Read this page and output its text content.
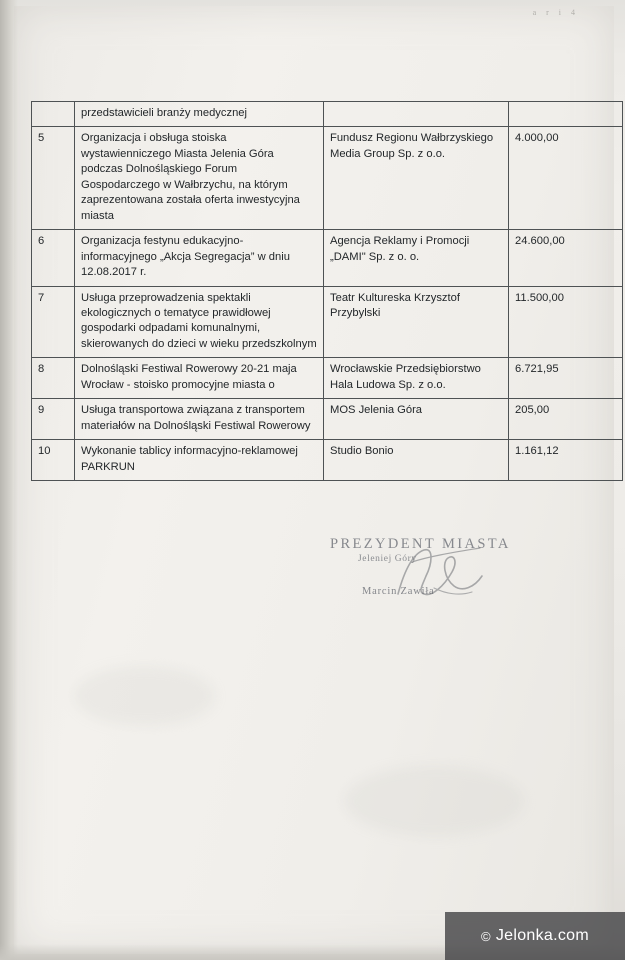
a r i 4
	przedstawicieli branży medycznej		
5	Organizacja i obsługa stoiska wystawienniczego Miasta Jelenia Góra podczas Dolnośląskiego Forum Gospodarczego w Wałbrzychu, na którym zaprezentowana została oferta inwestycyjna miasta	Fundusz Regionu Wałbrzyskiego Media Group Sp. z o.o.	4.000,00
6	Organizacja festynu edukacyjno-informacyjnego „Akcja Segregacja” w dniu 12.08.2017 r.	Agencja Reklamy i Promocji „DAMI" Sp. z o. o.	24.600,00
7	Usługa przeprowadzenia spektakli ekologicznych o tematyce prawidłowej gospodarki odpadami komunalnymi, skierowanych do dzieci w wieku przedszkolnym	Teatr Kultureska Krzysztof Przybylski	11.500,00
8	Dolnośląski Festiwal Rowerowy 20-21 maja Wrocław - stoisko promocyjne miasta o	Wrocławskie Przedsiębiorstwo Hala Ludowa Sp. z o.o.	6.721,95
9	Usługa transportowa związana z transportem materiałów na Dolnośląski Festiwal Rowerowy	MOS Jelenia Góra	205,00
10	Wykonanie tablicy informacyjno-reklamowej PARKRUN	Studio Bonio	1.161,12
PREZYDENT MIASTA
Jeleniej Góry
Marcin Zawiła
© Jelonka.com
